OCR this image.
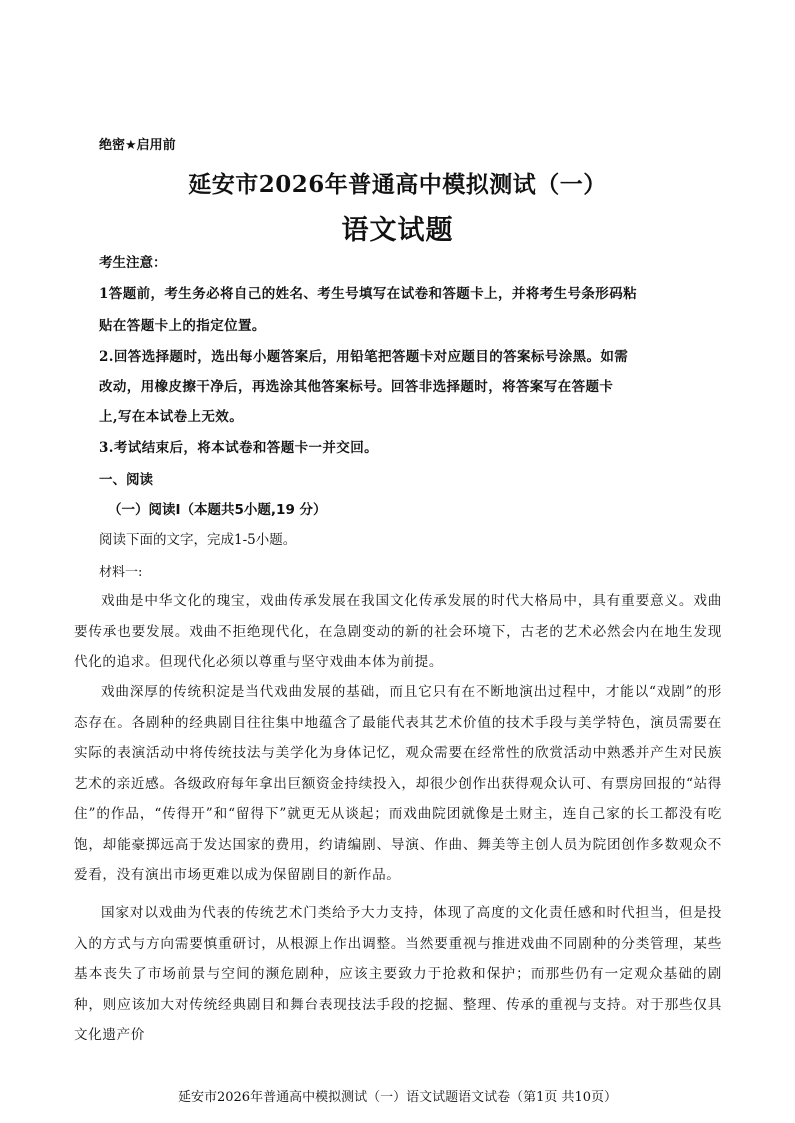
绝密★启用前
延安市2026年普通高中模拟测试（一）
语文试题
考生注意：
1答题前，考生务必将自己的姓名、考生号填写在试卷和答题卡上，并将考生号条形码粘
贴在答题卡上的指定位置。
2.回答选择题时，选出每小题答案后，用铅笔把答题卡对应题目的答案标号涂黑。如需
改动，用橡皮擦干净后，再选涂其他答案标号。回答非选择题时，将答案写在答题卡
上,写在本试卷上无效。
3.考试结束后，将本试卷和答题卡一并交回。
一、阅读
（一）阅读Ⅰ（本题共5小题,19 分）
阅读下面的文字，完成1-5小题。
材料一:
戏曲是中华文化的瑰宝，戏曲传承发展在我国文化传承发展的时代大格局中，具有重要意义。戏曲要传承也要发展。戏曲不拒绝现代化，在急剧变动的新的社会环境下，古老的艺术必然会内在地生发现代化的追求。但现代化必须以尊重与坚守戏曲本体为前提。
戏曲深厚的传统积淀是当代戏曲发展的基础，而且它只有在不断地演出过程中，才能以“戏剧”的形态存在。各剧种的经典剧目往往集中地蕴含了最能代表其艺术价值的技术手段与美学特色，演员需要在实际的表演活动中将传统技法与美学化为身体记忆，观众需要在经常性的欣赏活动中熟悉并产生对民族艺术的亲近感。各级政府每年拿出巨额资金持续投入，却很少创作出获得观众认可、有票房回报的“站得住”的作品，“传得开”和“留得下”就更无从谈起；而戏曲院团就像是土财主，连自己家的长工都没有吃饱，却能豪掷远高于发达国家的费用，约请编剧、导演、作曲、舞美等主创人员为院团创作多数观众不爱看，没有演出市场更难以成为保留剧目的新作品。
国家对以戏曲为代表的传统艺术门类给予大力支持，体现了高度的文化责任感和时代担当，但是投入的方式与方向需要慎重研讨，从根源上作出调整。当然要重视与推进戏曲不同剧种的分类管理，某些基本丧失了市场前景与空间的濒危剧种，应该主要致力于抢救和保护；而那些仍有一定观众基础的剧种，则应该加大对传统经典剧目和舞台表现技法手段的挖掘、整理、传承的重视与支持。对于那些仅具文化遗产价
延安市2026年普通高中模拟测试（一）语文试题语文试卷（第1页 共10页）
